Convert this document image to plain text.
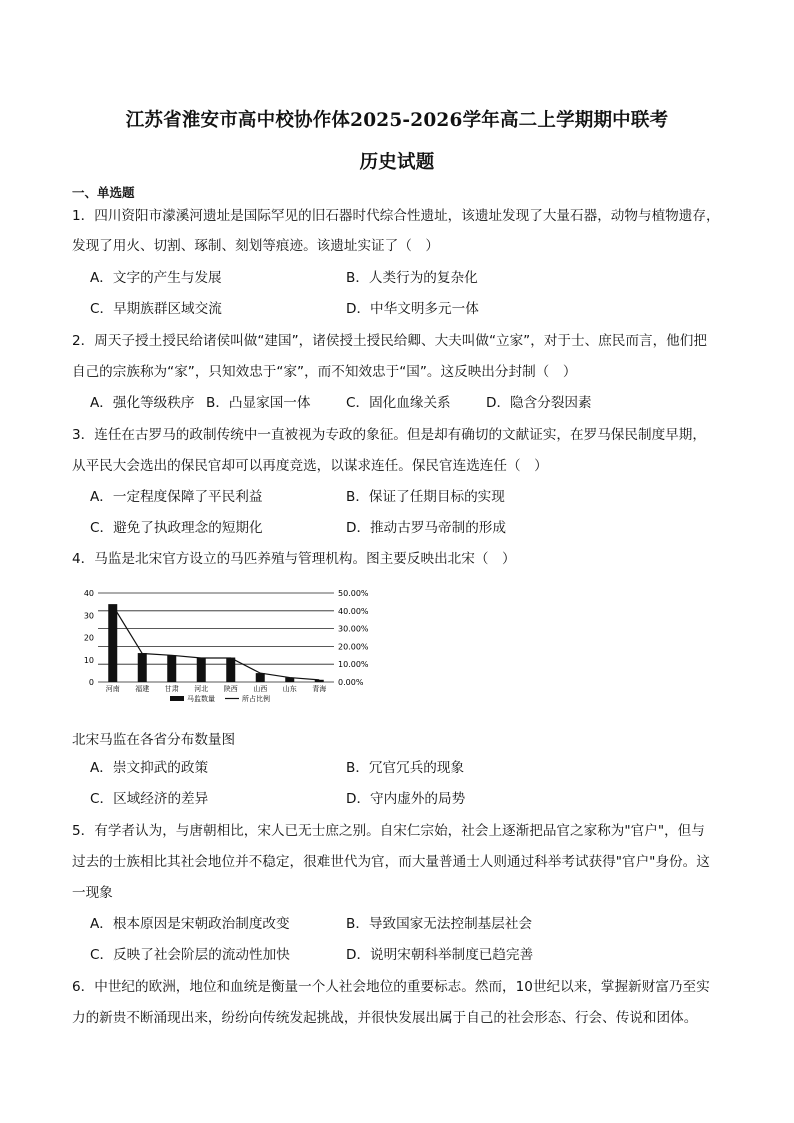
江苏省淮安市高中校协作体2025-2026学年高二上学期期中联考
历史试题
一、单选题
1．四川资阳市濛溪河遗址是国际罕见的旧石器时代综合性遗址，该遗址发现了大量石器，动物与植物遗存，
发现了用火、切割、琢制、刻划等痕迹。该遗址实证了（　）
A．文字的产生与发展	B．人类行为的复杂化
C．早期族群区域交流	D．中华文明多元一体
2．周天子授土授民给诸侯叫做“建国”，诸侯授土授民给卿、大夫叫做“立家”，对于士、庶民而言，他们把
自己的宗族称为“家”，只知效忠于“家”，而不知效忠于“国”。这反映出分封制（　）
A．强化等级秩序 B．凸显家国一体	C．固化血缘关系	D．隐含分裂因素
3．连任在古罗马的政制传统中一直被视为专政的象征。但是却有确切的文献证实，在罗马保民制度早期，
从平民大会选出的保民官却可以再度竞选，以谋求连任。保民官连选连任（　）
A．一定程度保障了平民利益	B．保证了任期目标的实现
C．避免了执政理念的短期化	D．推动古罗马帝制的形成
4．马监是北宋官方设立的马匹养殖与管理机构。图主要反映出北宋（　）
0.00%
10.00%
20.00%
30.00%
40.00%
50.00%
0
10
20
30
40
河南 福建 甘肃 河北 陕西 山西 山东 青海
马监数量	所占比例
北宋马监在各省分布数量图
A．崇文抑武的政策	B．冗官冗兵的现象
C．区域经济的差异	D．守内虚外的局势
5．有学者认为，与唐朝相比，宋人已无士庶之别。自宋仁宗始，社会上逐渐把品官之家称为"官户"，但与
过去的士族相比其社会地位并不稳定，很难世代为官，而大量普通士人则通过科举考试获得"官户"身份。这
一现象
A．根本原因是宋朝政治制度改变	B．导致国家无法控制基层社会
C．反映了社会阶层的流动性加快	D．说明宋朝科举制度已趋完善
6．中世纪的欧洲，地位和血统是衡量一个人社会地位的重要标志。然而，10世纪以来，掌握新财富乃至实
力的新贵不断涌现出来，纷纷向传统发起挑战，并很快发展出属于自己的社会形态、行会、传说和团体。
